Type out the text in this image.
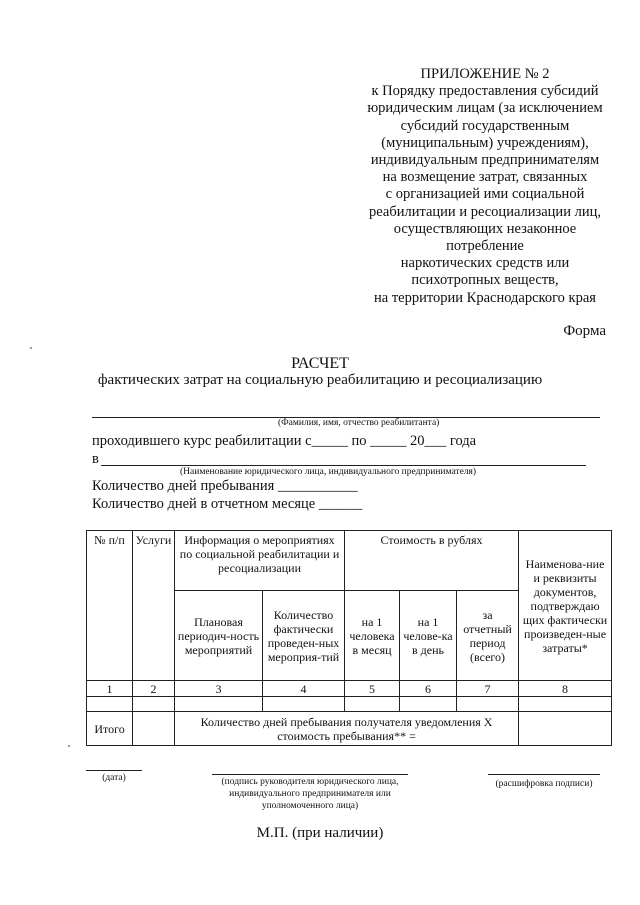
ПРИЛОЖЕНИЕ № 2
к Порядку предоставления субсидий
юридическим лицам (за исключением
субсидий государственным
(муниципальным) учреждениям),
индивидуальным предпринимателям
на возмещение затрат, связанных
с организацией ими социальной
реабилитации и ресоциализации лиц,
осуществляющих незаконное
потребление
наркотических средств или
психотропных веществ,
на территории Краснодарского края
Форма
РАСЧЕТ
фактических затрат на социальную реабилитацию и ресоциализацию
(Фамилия, имя, отчество реабилитанта)
проходившего курс реабилитации с_____ по _____ 20___ года
в
(Наименование юридического лица, индивидуального предпринимателя)
Количество дней пребывания ___________
Количество дней в отчетном месяце ______
№ п/п	Услуги	Информация о мероприятиях по социальной реабилитации и ресоциализации		Стоимость в рублях			Наименова-ние и реквизиты документов, подтверждаю щих фактически произведен-ные затраты*
		Плановая периодич-ность мероприятий	Количество фактически проведен-ных мероприя-тий	на 1 человека в месяц	на 1 челове-ка в день	за отчетный период (всего)	
1	2	3	4	5	6	7	8

Итого		Количество дней пребывания получателя уведомления Х стоимость пребывания** =					
(дата)	(подпись руководителя юридического лица, индивидуального предпринимателя или уполномоченного лица)
(расшифровка подписи)
М.П. (при наличии)
